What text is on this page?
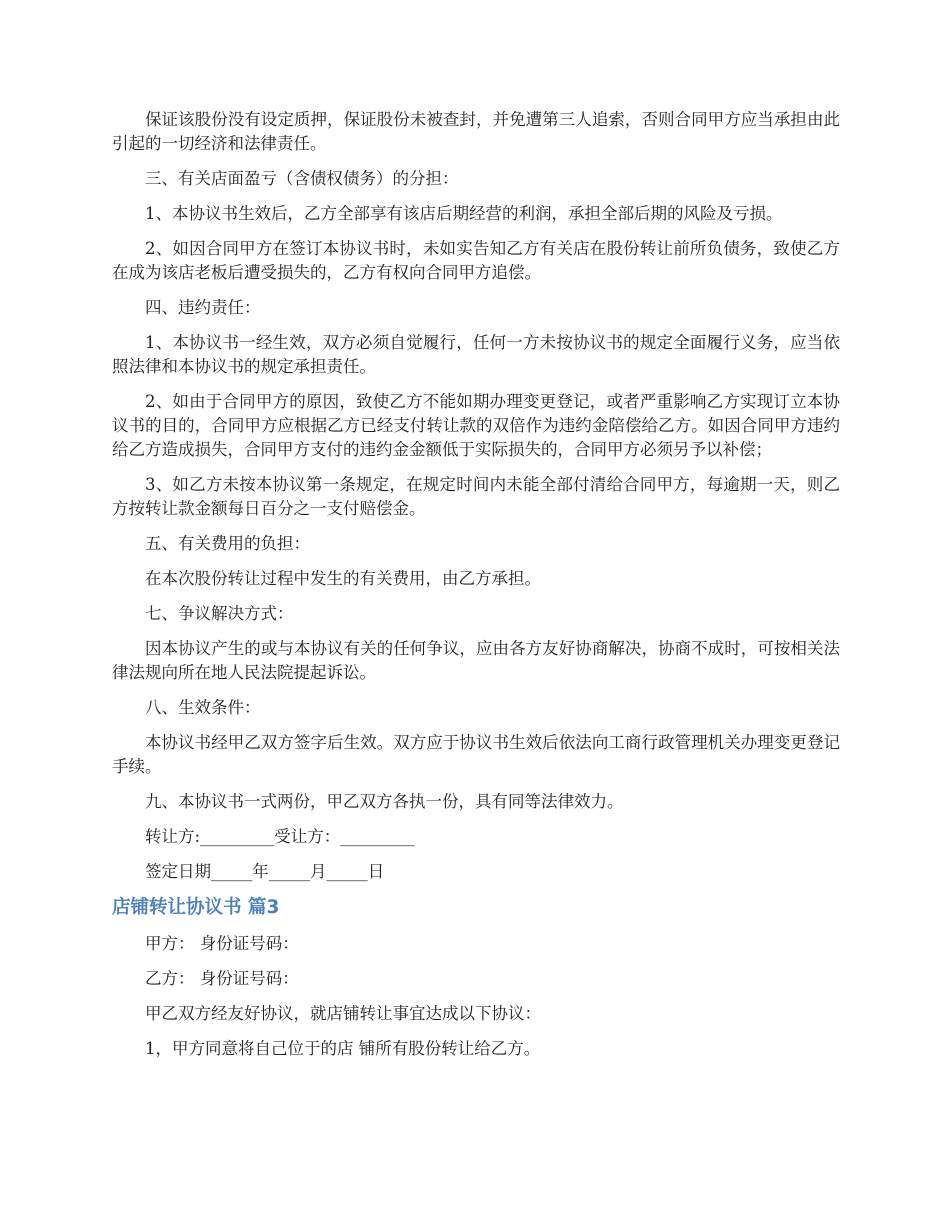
保证该股份没有设定质押，保证股份未被查封，并免遭第三人追索，否则合同甲方应当承担由此引起的一切经济和法律责任。

三、有关店面盈亏（含债权债务）的分担：

1、本协议书生效后，乙方全部享有该店后期经营的利润，承担全部后期的风险及亏损。

2、如因合同甲方在签订本协议书时，未如实告知乙方有关店在股份转让前所负债务，致使乙方在成为该店老板后遭受损失的，乙方有权向合同甲方追偿。

四、违约责任：

1、本协议书一经生效，双方必须自觉履行，任何一方未按协议书的规定全面履行义务，应当依照法律和本协议书的规定承担责任。

2、如由于合同甲方的原因，致使乙方不能如期办理变更登记，或者严重影响乙方实现订立本协议书的目的，合同甲方应根据乙方已经支付转让款的双倍作为违约金陪偿给乙方。如因合同甲方违约给乙方造成损失，合同甲方支付的违约金金额低于实际损失的，合同甲方必须另予以补偿；

3、如乙方未按本协议第一条规定，在规定时间内未能全部付清给合同甲方，每逾期一天，则乙方按转让款金额每日百分之一支付赔偿金。

五、有关费用的负担：

在本次股份转让过程中发生的有关费用，由乙方承担。

七、争议解决方式：

因本协议产生的或与本协议有关的任何争议，应由各方友好协商解决，协商不成时，可按相关法律法规向所在地人民法院提起诉讼。

八、生效条件：

本协议书经甲乙双方签字后生效。双方应于协议书生效后依法向工商行政管理机关办理变更登记手续。

九、本协议书一式两份，甲乙双方各执一份，具有同等法律效力。

转让方:_________受让方：_________

签定日期_____年_____月_____日

店铺转让协议书 篇3

甲方： 身份证号码：

乙方： 身份证号码：

甲乙双方经友好协议，就店铺转让事宜达成以下协议：

1，甲方同意将自己位于的店 铺所有股份转让给乙方。
